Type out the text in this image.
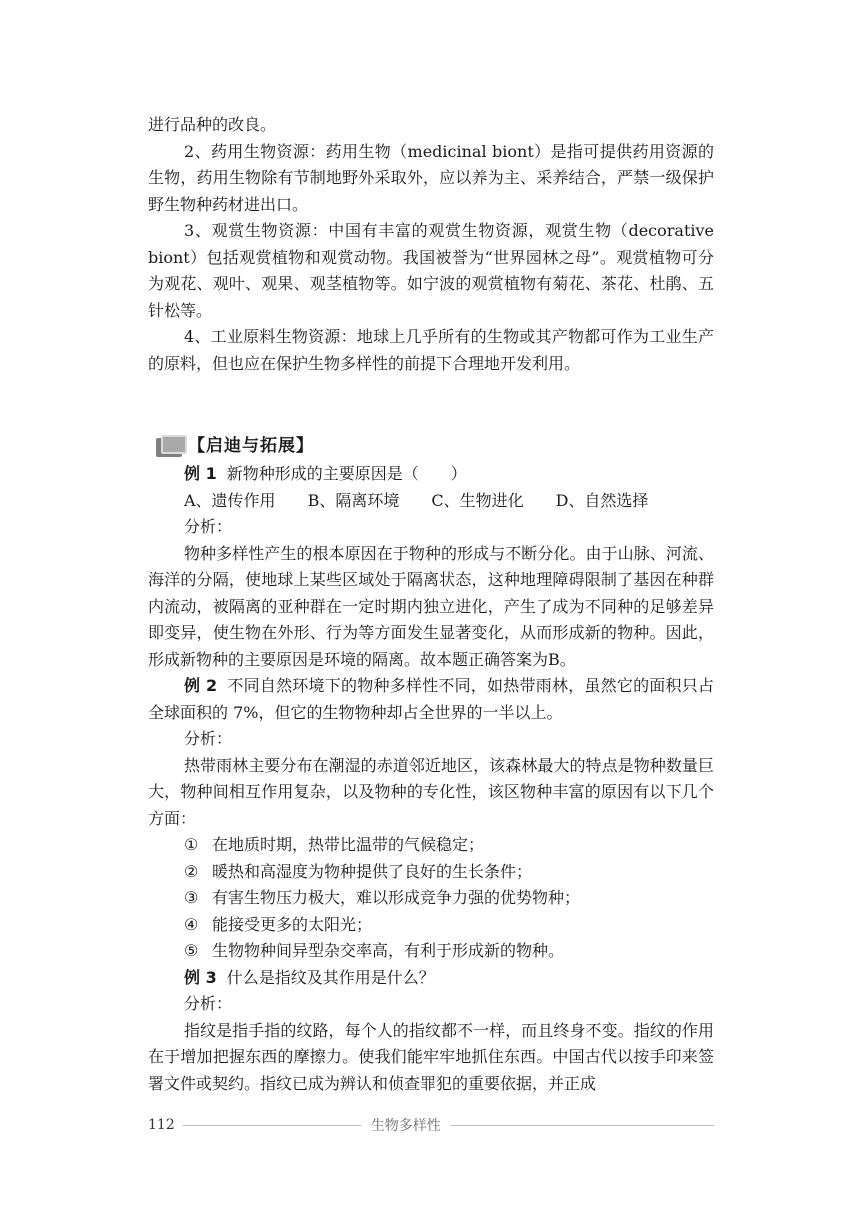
进行品种的改良。

2、药用生物资源：药用生物（medicinal biont）是指可提供药用资源的生物，药用生物除有节制地野外采取外，应以养为主、采养结合，严禁一级保护野生物种药材进出口。

3、观赏生物资源：中国有丰富的观赏生物资源，观赏生物（decorative biont）包括观赏植物和观赏动物。我国被誉为“世界园林之母”。观赏植物可分为观花、观叶、观果、观茎植物等。如宁波的观赏植物有菊花、茶花、杜鹃、五针松等。

4、工业原料生物资源：地球上几乎所有的生物或其产物都可作为工业生产的原料，但也应在保护生物多样性的前提下合理地开发利用。

【启迪与拓展】

例 1 新物种形成的主要原因是（　　）

A、遗传作用 B、隔离环境 C、生物进化 D、自然选择

分析：

物种多样性产生的根本原因在于物种的形成与不断分化。由于山脉、河流、海洋的分隔，使地球上某些区域处于隔离状态，这种地理障碍限制了基因在种群内流动，被隔离的亚种群在一定时期内独立进化，产生了成为不同种的足够差异即变异，使生物在外形、行为等方面发生显著变化，从而形成新的物种。因此，形成新物种的主要原因是环境的隔离。故本题正确答案为B。

例 2 不同自然环境下的物种多样性不同，如热带雨林，虽然它的面积只占全球面积的 7%，但它的生物物种却占全世界的一半以上。

分析：

热带雨林主要分布在潮湿的赤道邻近地区，该森林最大的特点是物种数量巨大，物种间相互作用复杂，以及物种的专化性，该区物种丰富的原因有以下几个方面：

① 在地质时期，热带比温带的气候稳定；
② 暖热和高湿度为物种提供了良好的生长条件；
③ 有害生物压力极大，难以形成竞争力强的优势物种；
④ 能接受更多的太阳光；
⑤ 生物物种间异型杂交率高，有利于形成新的物种。

例 3 什么是指纹及其作用是什么？

分析：

指纹是指手指的纹路，每个人的指纹都不一样，而且终身不变。指纹的作用在于增加把握东西的摩擦力。使我们能牢牢地抓住东西。中国古代以按手印来签署文件或契约。指纹已成为辨认和侦查罪犯的重要依据，并正成

112	生物多样性
